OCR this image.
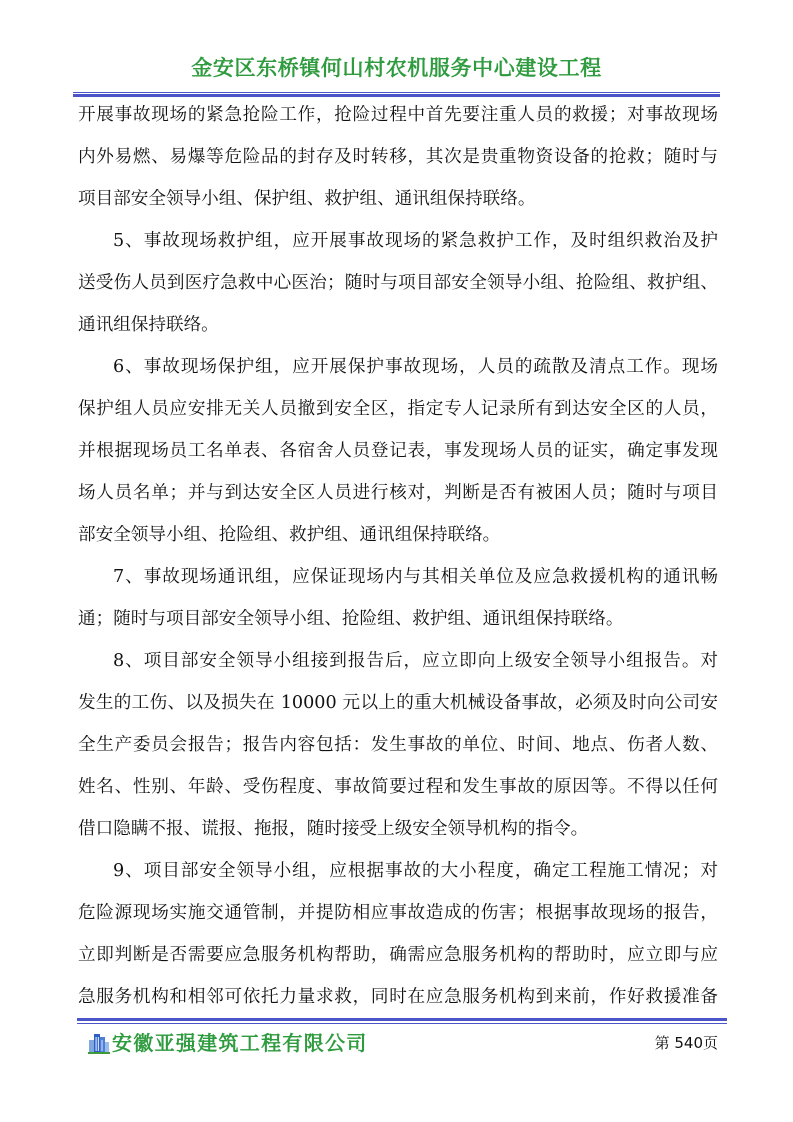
金安区东桥镇何山村农机服务中心建设工程
开展事故现场的紧急抢险工作，抢险过程中首先要注重人员的救援；对事故现场
内外易燃、易爆等危险品的封存及时转移，其次是贵重物资设备的抢救；随时与
项目部安全领导小组、保护组、救护组、通讯组保持联络。
5、事故现场救护组，应开展事故现场的紧急救护工作，及时组织救治及护
送受伤人员到医疗急救中心医治；随时与项目部安全领导小组、抢险组、救护组、
通讯组保持联络。
6、事故现场保护组，应开展保护事故现场，人员的疏散及清点工作。现场
保护组人员应安排无关人员撤到安全区，指定专人记录所有到达安全区的人员，
并根据现场员工名单表、各宿舍人员登记表，事发现场人员的证实，确定事发现
场人员名单；并与到达安全区人员进行核对，判断是否有被困人员；随时与项目
部安全领导小组、抢险组、救护组、通讯组保持联络。
7、事故现场通讯组，应保证现场内与其相关单位及应急救援机构的通讯畅
通；随时与项目部安全领导小组、抢险组、救护组、通讯组保持联络。
8、项目部安全领导小组接到报告后，应立即向上级安全领导小组报告。对
发生的工伤、以及损失在 10000 元以上的重大机械设备事故，必须及时向公司安
全生产委员会报告；报告内容包括：发生事故的单位、时间、地点、伤者人数、
姓名、性别、年龄、受伤程度、事故简要过程和发生事故的原因等。不得以任何
借口隐瞒不报、谎报、拖报，随时接受上级安全领导机构的指令。
9、项目部安全领导小组，应根据事故的大小程度，确定工程施工情况；对
危险源现场实施交通管制，并提防相应事故造成的伤害；根据事故现场的报告，
立即判断是否需要应急服务机构帮助，确需应急服务机构的帮助时，应立即与应
急服务机构和相邻可依托力量求救，同时在应急服务机构到来前，作好救援准备
安徽亚强建筑工程有限公司	第 540页
